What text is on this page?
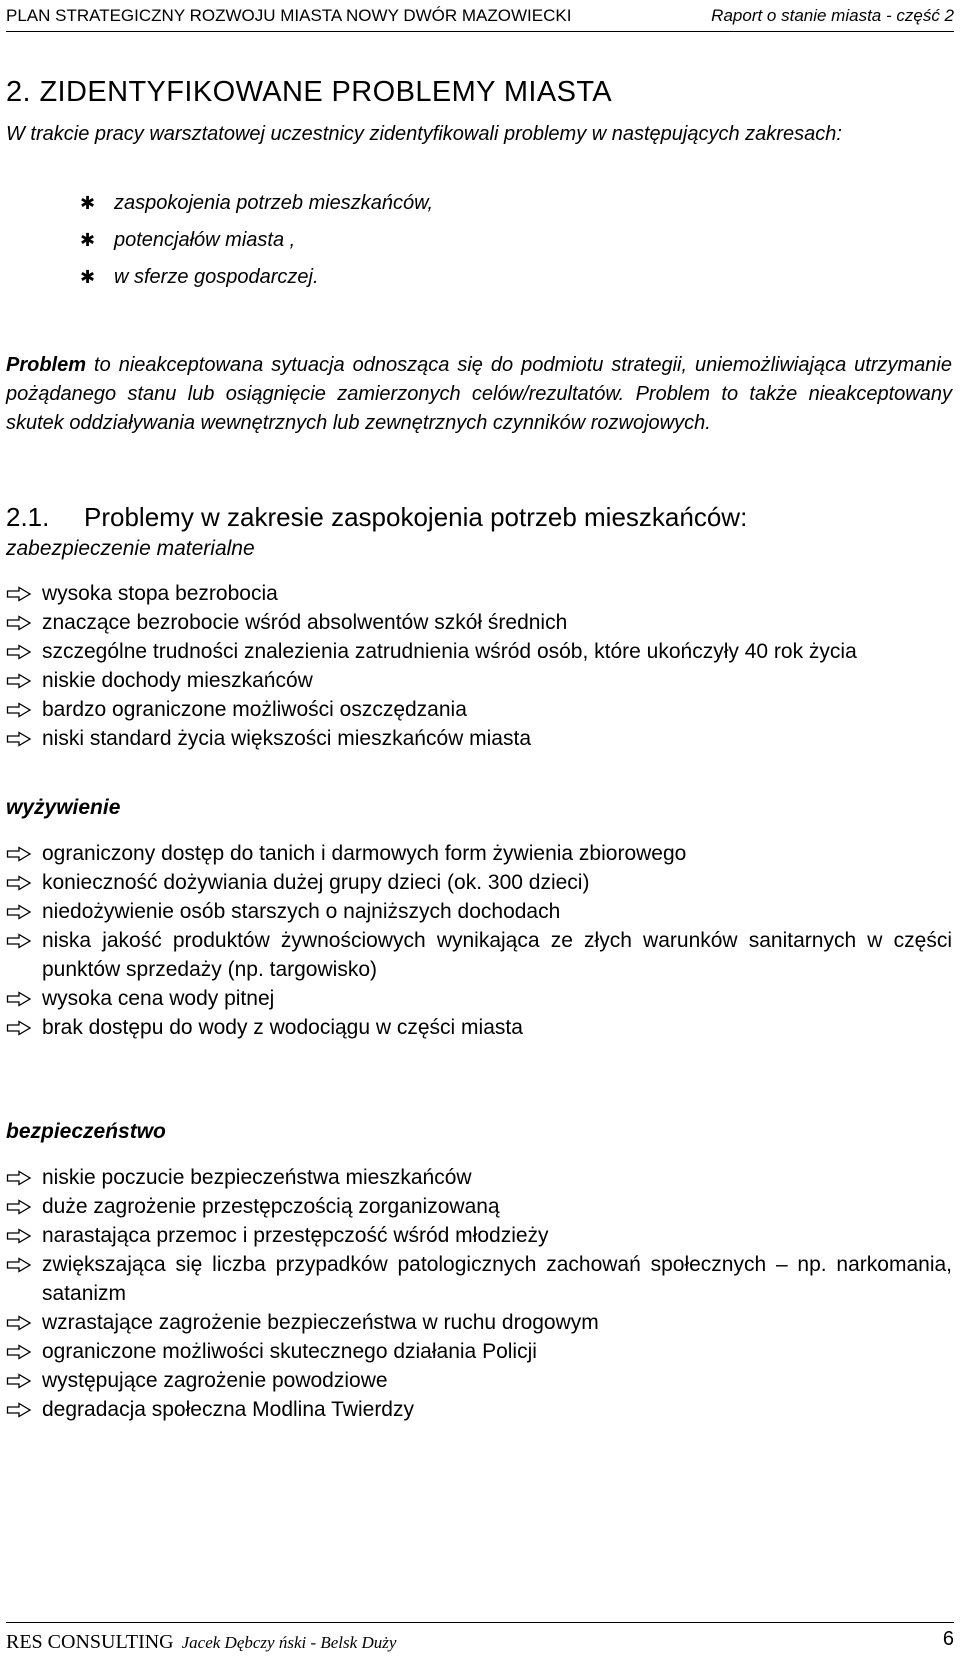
PLAN STRATEGICZNY ROZWOJU MIASTA NOWY DWÓR MAZOWIECKI	Raport o stanie miasta - część 2
2. ZIDENTYFIKOWANE PROBLEMY MIASTA

W trakcie pracy warsztatowej uczestnicy zidentyfikowali problemy w następujących zakresach:

✱ zaspokojenia potrzeb mieszkańców,
✱ potencjałów miasta ,
✱ w sferze gospodarczej.

Problem to nieakceptowana sytuacja odnosząca się do podmiotu strategii, uniemożliwiająca utrzymanie pożądanego stanu lub osiągnięcie zamierzonych celów/rezultatów. Problem to także nieakceptowany skutek oddziaływania wewnętrznych lub zewnętrznych czynników rozwojowych.

2.1. Problemy w zakresie zaspokojenia potrzeb mieszkańców:

zabezpieczenie materialne

wysoka stopa bezrobocia
znaczące bezrobocie wśród absolwentów szkół średnich
szczególne trudności znalezienia zatrudnienia wśród osób, które ukończyły 40 rok życia
niskie dochody mieszkańców
bardzo ograniczone możliwości oszczędzania
niski standard życia większości mieszkańców miasta

wyżywienie

ograniczony dostęp do tanich i darmowych form żywienia zbiorowego
konieczność dożywiania dużej grupy dzieci (ok. 300 dzieci)
niedożywienie osób starszych o najniższych dochodach
niska jakość produktów żywnościowych wynikająca ze złych warunków sanitarnych w części punktów sprzedaży (np. targowisko)
wysoka cena wody pitnej
brak dostępu do wody z wodociągu w części miasta

bezpieczeństwo

niskie poczucie bezpieczeństwa mieszkańców
duże zagrożenie przestępczością zorganizowaną
narastająca przemoc i przestępczość wśród młodzieży
zwiększająca się liczba przypadków patologicznych zachowań społecznych – np. narkomania, satanizm
wzrastające zagrożenie bezpieczeństwa w ruchu drogowym
ograniczone możliwości skutecznego działania Policji
występujące zagrożenie powodziowe
degradacja społeczna Modlina Twierdzy
RES CONSULTING Jacek Dębczy ński - Belsk Duży	6
